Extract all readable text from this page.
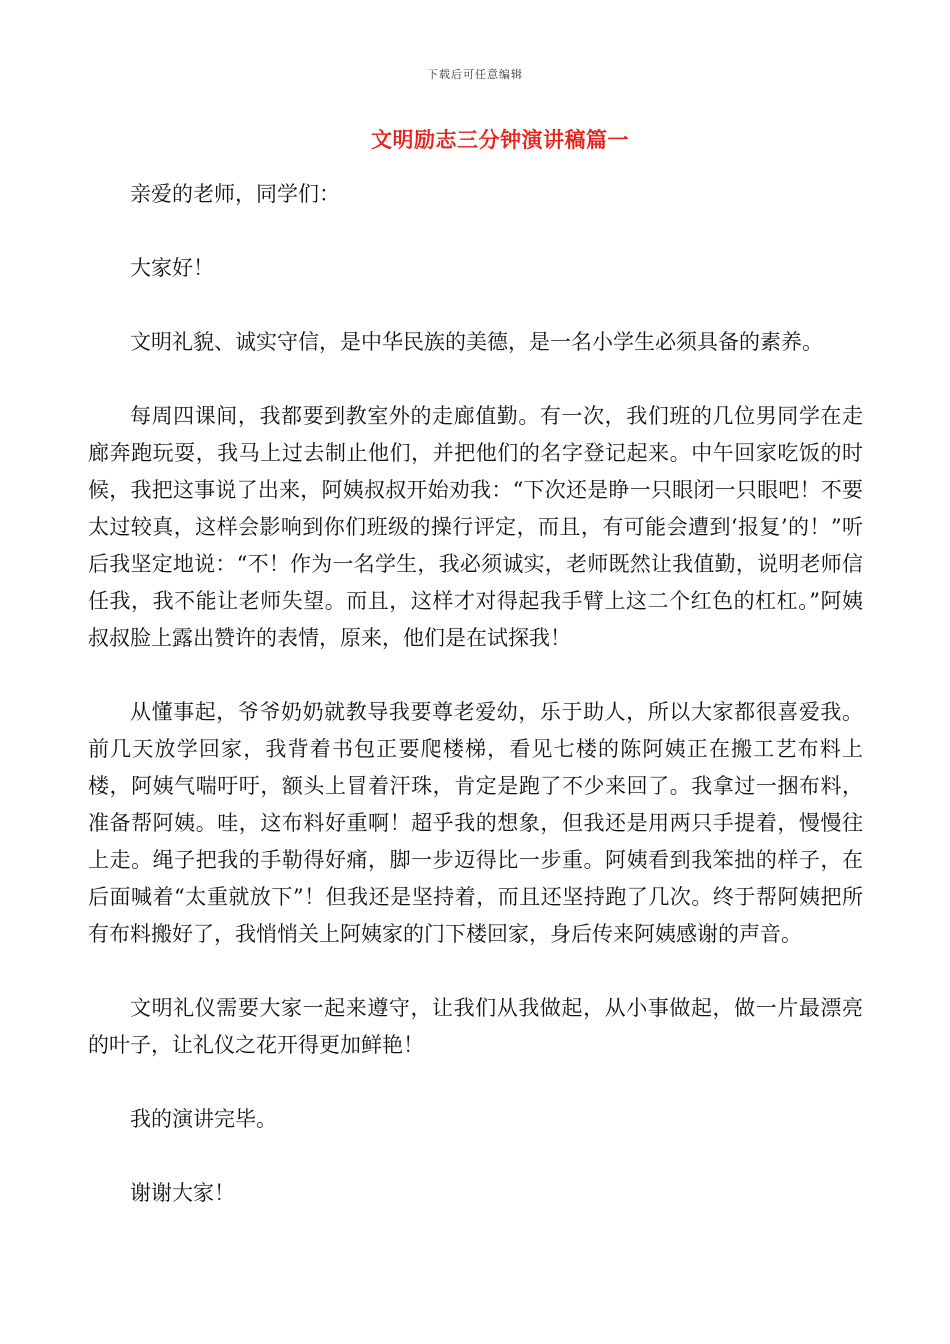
下载后可任意编辑
文明励志三分钟演讲稿篇一

亲爱的老师，同学们：

大家好！

文明礼貌、诚实守信，是中华民族的美德，是一名小学生必须具备的素养。

每周四课间，我都要到教室外的走廊值勤。有一次，我们班的几位男同学在走廊奔跑玩耍，我马上过去制止他们，并把他们的名字登记起来。中午回家吃饭的时候，我把这事说了出来，阿姨叔叔开始劝我：“下次还是睁一只眼闭一只眼吧！不要太过较真，这样会影响到你们班级的操行评定，而且，有可能会遭到‘报复’的！”听后我坚定地说：“不！作为一名学生，我必须诚实，老师既然让我值勤，说明老师信任我，我不能让老师失望。而且，这样才对得起我手臂上这二个红色的杠杠。”阿姨叔叔脸上露出赞许的表情，原来，他们是在试探我！

从懂事起，爷爷奶奶就教导我要尊老爱幼，乐于助人，所以大家都很喜爱我。前几天放学回家，我背着书包正要爬楼梯，看见七楼的陈阿姨正在搬工艺布料上楼，阿姨气喘吁吁，额头上冒着汗珠，肯定是跑了不少来回了。我拿过一捆布料，准备帮阿姨。哇，这布料好重啊！超乎我的想象，但我还是用两只手提着，慢慢往上走。绳子把我的手勒得好痛，脚一步迈得比一步重。阿姨看到我笨拙的样子，在后面喊着“太重就放下”！但我还是坚持着，而且还坚持跑了几次。终于帮阿姨把所有布料搬好了，我悄悄关上阿姨家的门下楼回家，身后传来阿姨感谢的声音。

文明礼仪需要大家一起来遵守，让我们从我做起，从小事做起，做一片最漂亮的叶子，让礼仪之花开得更加鲜艳！

我的演讲完毕。

谢谢大家！
